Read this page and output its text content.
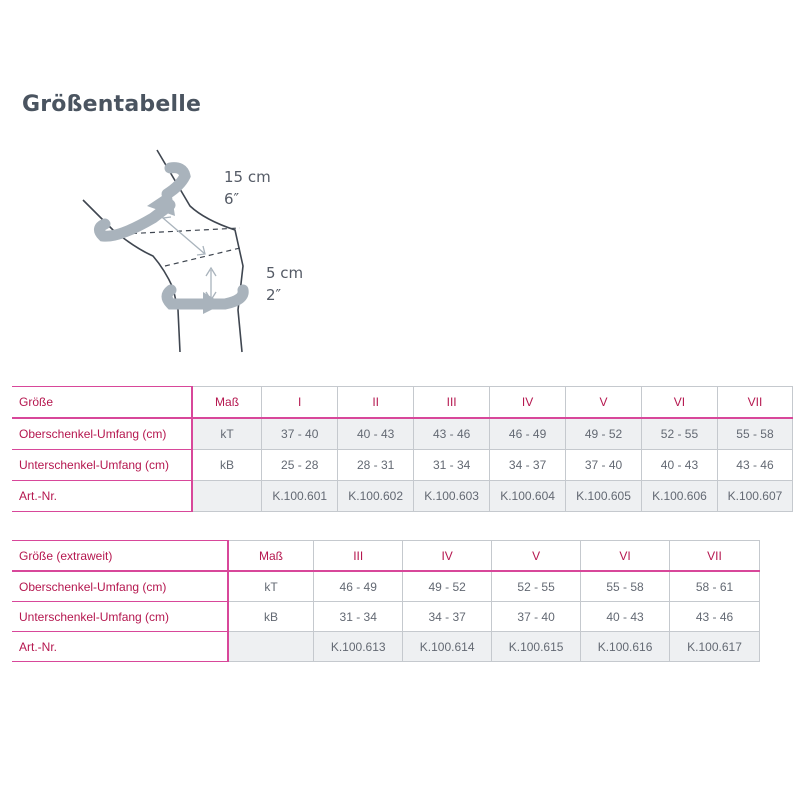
Größentabelle
15 cm
6″
5 cm
2″
Größe	Maß	I	II	III	IV	V	VI	VII
Oberschenkel-Umfang (cm)	kT	37 - 40	40 - 43	43 - 46	46 - 49	49 - 52	52 - 55	55 - 58
Unterschenkel-Umfang (cm)	kB	25 - 28	28 - 31	31 - 34	34 - 37	37 - 40	40 - 43	43 - 46
Art.-Nr.		K.100.601	K.100.602	K.100.603	K.100.604	K.100.605	K.100.606	K.100.607
Größe (extraweit)	Maß	III	IV	V	VI	VII
Oberschenkel-Umfang (cm)	kT	46 - 49	49 - 52	52 - 55	55 - 58	58 - 61
Unterschenkel-Umfang (cm)	kB	31 - 34	34 - 37	37 - 40	40 - 43	43 - 46
Art.-Nr.		K.100.613	K.100.614	K.100.615	K.100.616	K.100.617
